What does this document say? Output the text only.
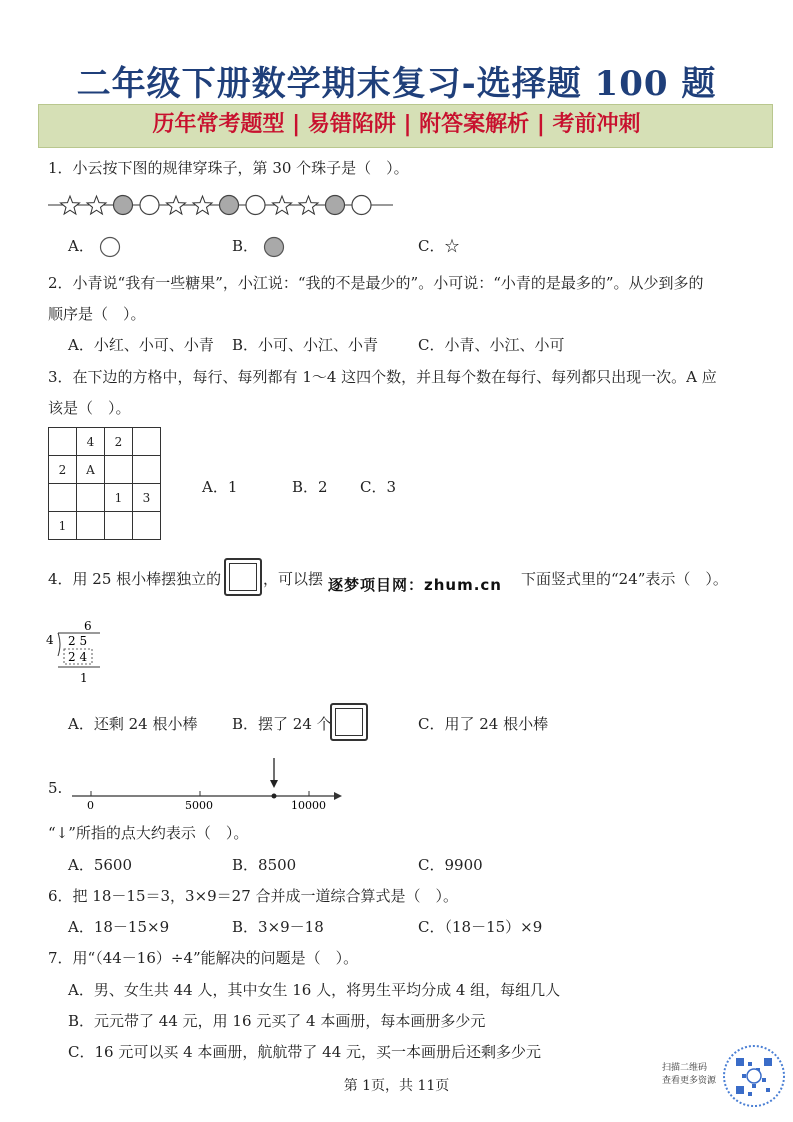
二年级下册数学期末复习-选择题 100 题
历年常考题型 | 易错陷阱 | 附答案解析 | 考前冲刺
1．小云按下图的规律穿珠子，第 30 个珠子是（　）。
A．	B．	C．☆
2．小青说“我有一些糖果”，小江说：“我的不是最少的”。小可说：“小青的是最多的”。从少到多的
顺序是（　）。
A．小红、小可、小青 B．小可、小江、小青	C．小青、小江、小可
3．在下边的方格中，每行、每列都有 1～4 这四个数，并且每个数在每行、每列都只出现一次。A 应
该是（　）。
	4	2	
2	A		
		1	3
1			
A．1	B．2 C．3
4．用 25 根小棒摆独立的	，可以摆 逐梦项目网：zhum.cn 下面竖式里的“24”表示（　）。
6
4 2 5
2 4
1
A．还剩 24 根小棒 B．摆了 24 个	C．用了 24 根小棒
5.
0	5000	10000
“↓”所指的点大约表示（　）。
A．5600	B．8500	C．9900
6．把 18－15＝3，3×9＝27 合并成一道综合算式是（　）。
A．18－15×9	B．3×9－18	C．（18－15）×9
7．用“（44－16）÷4”能解决的问题是（　）。
A．男、女生共 44 人，其中女生 16 人，将男生平均分成 4 组，每组几人
B．元元带了 44 元，用 16 元买了 4 本画册，每本画册多少元
C．16 元可以买 4 本画册，航航带了 44 元，买一本画册后还剩多少元
扫描二维码
查看更多资源
第 1页，共 11页
